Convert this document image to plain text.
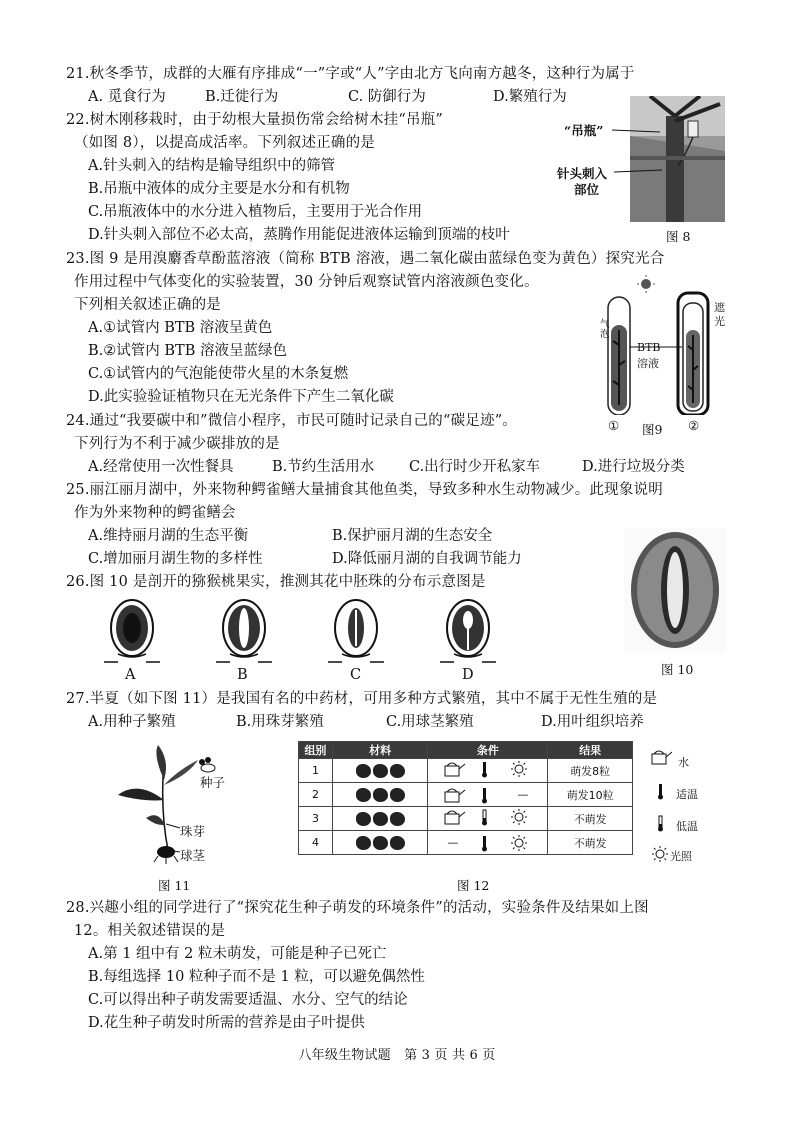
21.秋冬季节，成群的大雁有序排成“一”字或“人”字由北方飞向南方越冬，这种行为属于
A. 觅食行为	B.迁徙行为	C. 防御行为	D.繁殖行为
22.树木刚移栽时，由于幼根大量损伤常会给树木挂“吊瓶”
（如图 8），以提高成活率。下列叙述正确的是
A.针头刺入的结构是输导组织中的筛管
B.吊瓶中液体的成分主要是水分和有机物
C.吊瓶液体中的水分进入植物后，主要用于光合作用
D.针头刺入部位不必太高，蒸腾作用能促进液体运输到顶端的枝叶
“吊瓶”
针头刺入
部位
图 8
23.图 9 是用溴麝香草酚蓝溶液（简称 BTB 溶液，遇二氧化碳由蓝绿色变为黄色）探究光合
作用过程中气体变化的实验装置，30 分钟后观察试管内溶液颜色变化。
下列相关叙述正确的是
A.①试管内 BTB 溶液呈黄色
B.②试管内 BTB 溶液呈蓝绿色
C.①试管内的气泡能使带火星的木条复燃
D.此实验验证植物只在无光条件下产生二氧化碳
气泡
BTB
溶液
遮
光
① 图9 ②
24.通过“我要碳中和”微信小程序，市民可随时记录自己的“碳足迹”。
下列行为不利于减少碳排放的是
A.经常使用一次性餐具	B.节约生活用水 C.出行时少开私家车	D.进行垃圾分类
25.丽江丽月湖中，外来物种鳄雀鳝大量捕食其他鱼类，导致多种水生动物减少。此现象说明
作为外来物种的鳄雀鳝会
A.维持丽月湖的生态平衡	B.保护丽月湖的生态安全
C.增加丽月湖生物的多样性	D.降低丽月湖的自我调节能力
26.图 10 是剖开的猕猴桃果实，推测其花中胚珠的分布示意图是
A	B	C	D	图 10
27.半夏（如下图 11）是我国有名的中药材，可用多种方式繁殖，其中不属于无性生殖的是
A.用种子繁殖	B.用珠芽繁殖	C.用球茎繁殖	D.用叶组织培养
种子
珠芽
球茎
图 11
组别	材料	条件	结果
1			萌发8粒
2		—	萌发10粒
3			不萌发
4		—	不萌发
图 12
水
适温
低温
光照
28.兴趣小组的同学进行了“探究花生种子萌发的环境条件”的活动，实验条件及结果如上图
12。相关叙述错误的是
A.第 1 组中有 2 粒未萌发，可能是种子已死亡
B.每组选择 10 粒种子而不是 1 粒，可以避免偶然性
C.可以得出种子萌发需要适温、水分、空气的结论
D.花生种子萌发时所需的营养是由子叶提供
八年级生物试题　第 3 页 共 6 页
